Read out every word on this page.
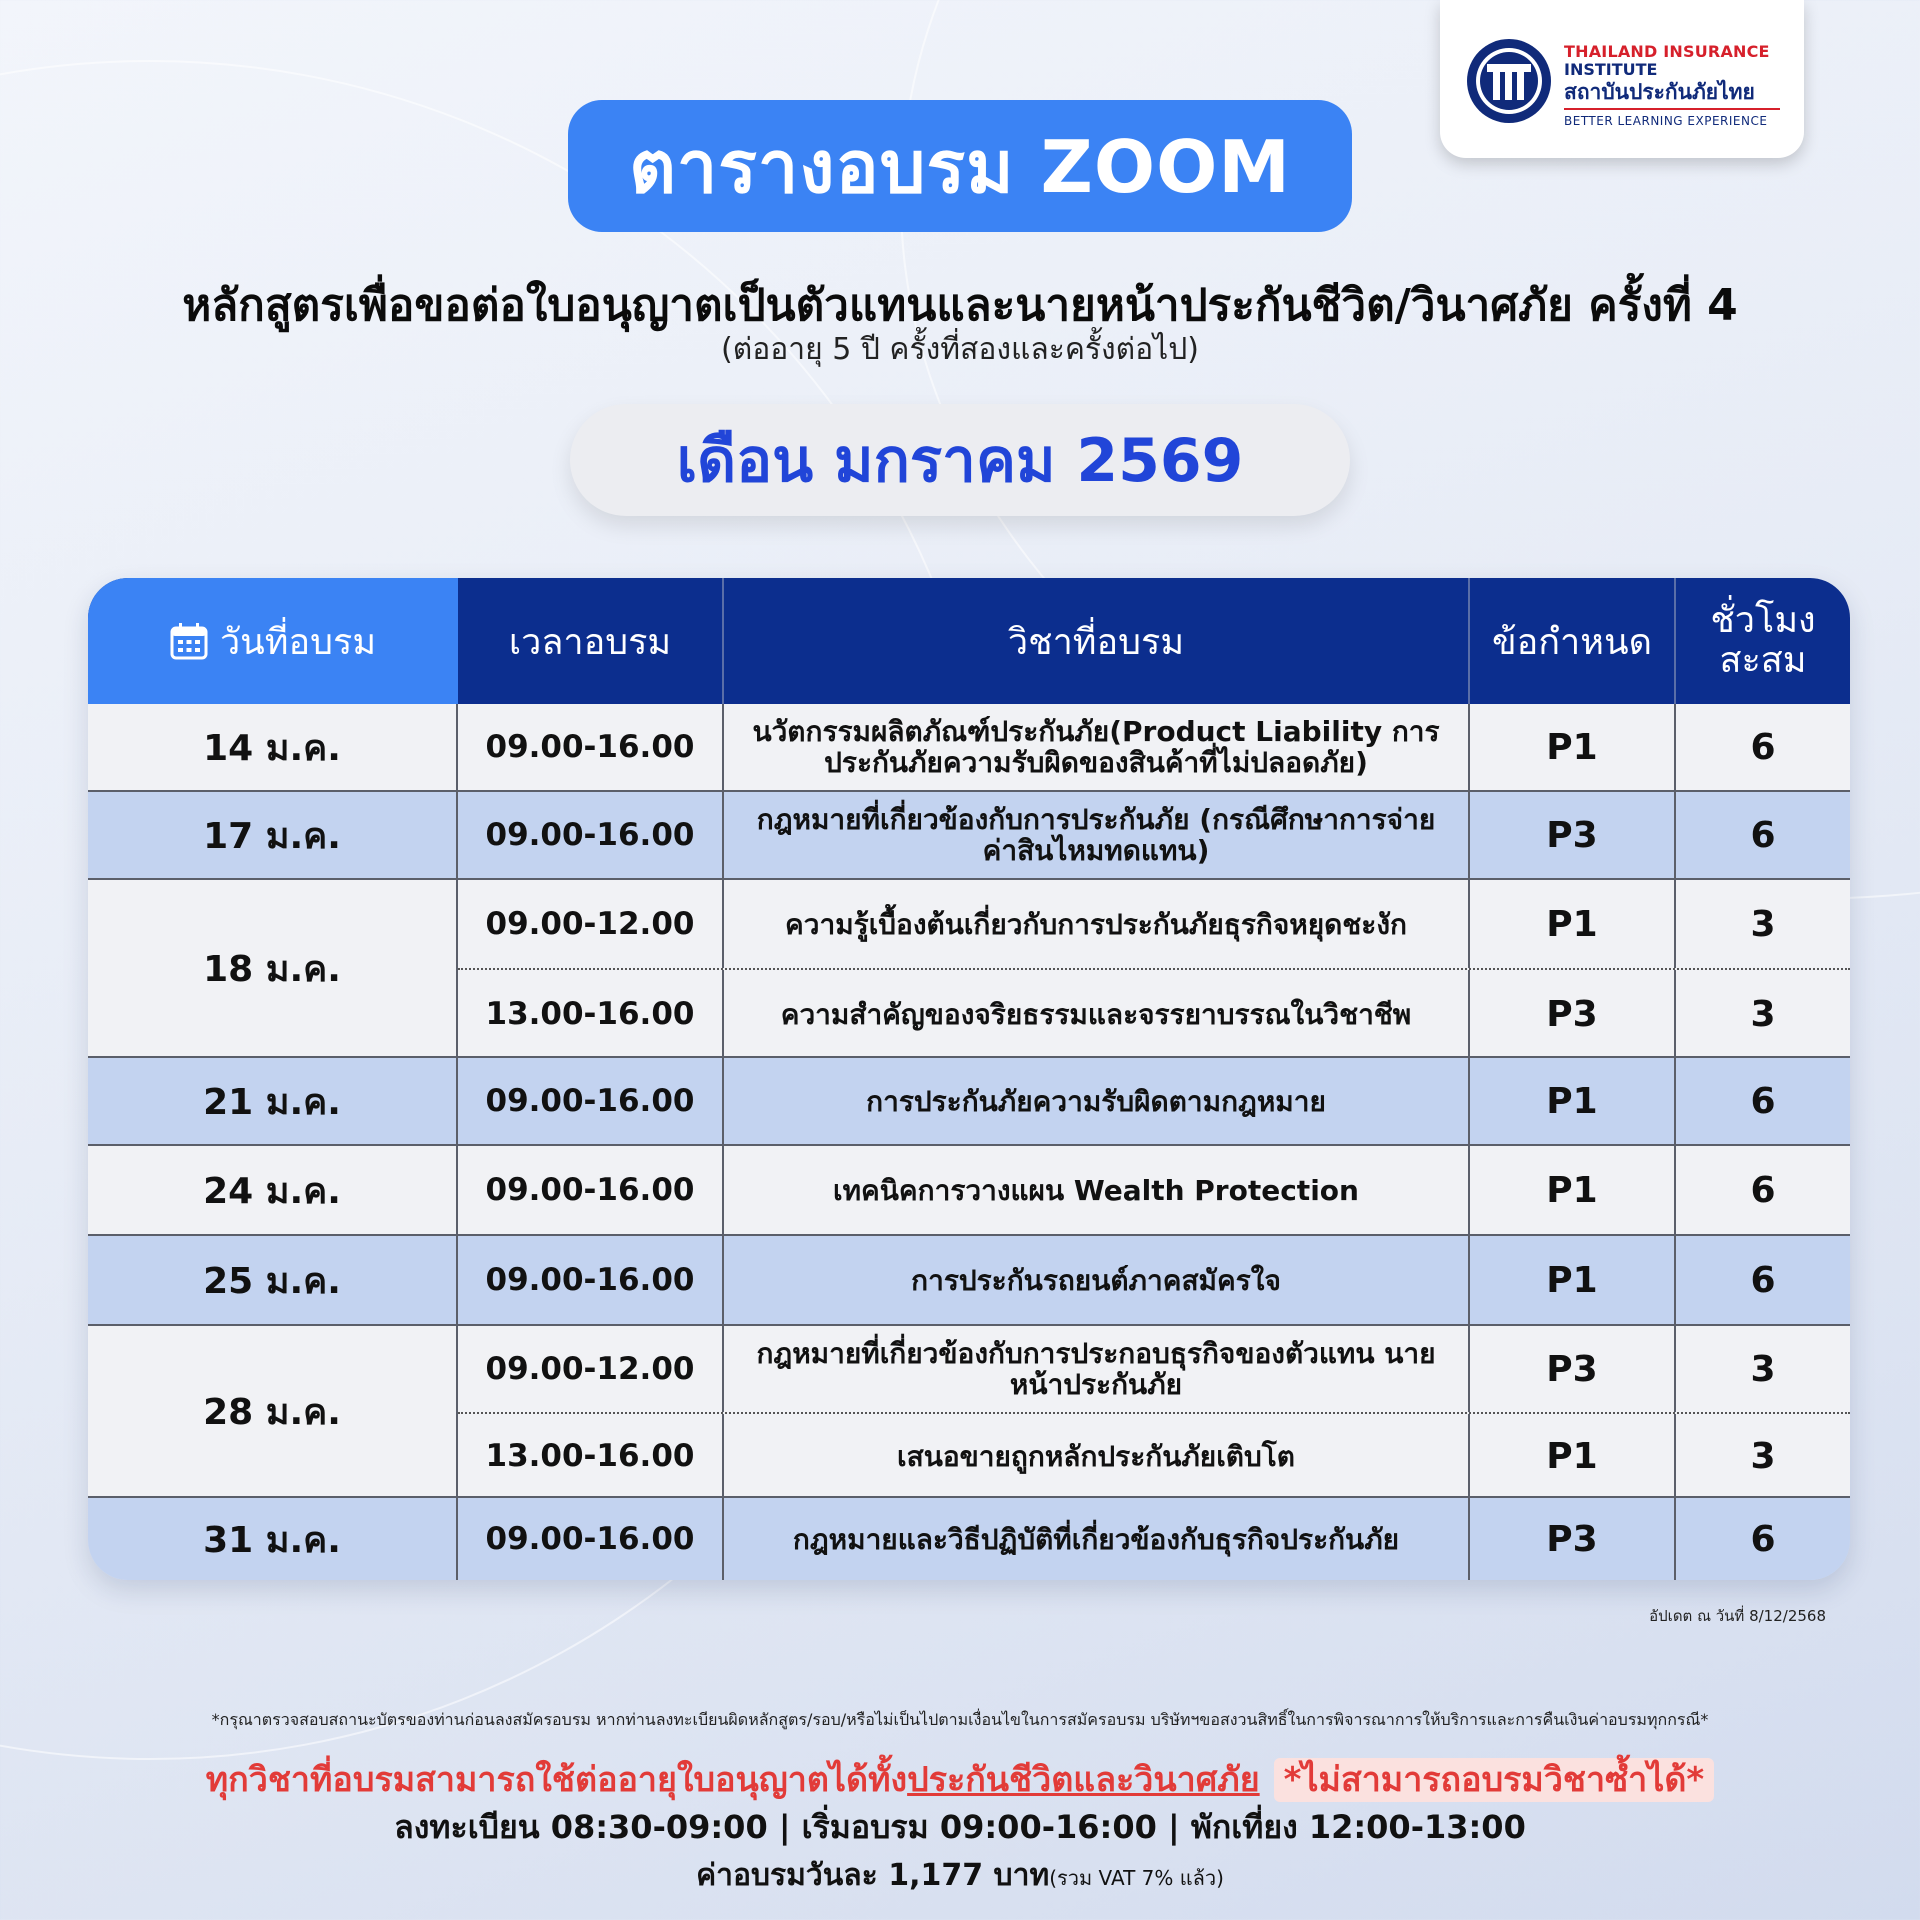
THAILAND INSURANCE
INSTITUTE
สถาบันประกันภัยไทย
BETTER LEARNING EXPERIENCE
ตารางอบรม ZOOM
หลักสูตรเพื่อขอต่อใบอนุญาตเป็นตัวแทนและนายหน้าประกันชีวิต/วินาศภัย ครั้งที่ 4
(ต่ออายุ 5 ปี ครั้งที่สองและครั้งต่อไป)
เดือน มกราคม 2569
วันที่อบรม	เวลาอบรม	วิชาที่อบรม	ข้อกำหนด
ชั่วโมง
สะสม
14 ม.ค.	09.00-16.00	นวัตกรรมผลิตภัณฑ์ประกันภัย(Product Liability การประกันภัยความรับผิดของสินค้าที่ไม่ปลอดภัย)	P1	6
17 ม.ค.	09.00-16.00	กฎหมายที่เกี่ยวข้องกับการประกันภัย (กรณีศึกษาการจ่ายค่าสินไหมทดแทน)	P3	6
18 ม.ค.
09.00-12.00	ความรู้เบื้องต้นเกี่ยวกับการประกันภัยธุรกิจหยุดชะงัก	P1	3
13.00-16.00	ความสำคัญของจริยธรรมและจรรยาบรรณในวิชาชีพ	P3	3
21 ม.ค.	09.00-16.00	การประกันภัยความรับผิดตามกฎหมาย	P1	6
24 ม.ค.	09.00-16.00	เทคนิคการวางแผน Wealth Protection	P1	6
25 ม.ค.	09.00-16.00	การประกันรถยนต์ภาคสมัครใจ	P1	6
28 ม.ค.
09.00-12.00	กฎหมายที่เกี่ยวข้องกับการประกอบธุรกิจของตัวแทน นายหน้าประกันภัย	P3	3
13.00-16.00	เสนอขายถูกหลักประกันภัยเติบโต	P1	3
31 ม.ค.	09.00-16.00	กฎหมายและวิธีปฏิบัติที่เกี่ยวข้องกับธุรกิจประกันภัย	P3	6
อัปเดต ณ วันที่ 8/12/2568
*กรุณาตรวจสอบสถานะบัตรของท่านก่อนลงสมัครอบรม หากท่านลงทะเบียนผิดหลักสูตร/รอบ/หรือไม่เป็นไปตามเงื่อนไขในการสมัครอบรม บริษัทฯขอสงวนสิทธิ์ในการพิจารณาการให้บริการและการคืนเงินค่าอบรมทุกกรณี*
ทุกวิชาที่อบรมสามารถใช้ต่ออายุใบอนุญาตได้ทั้งประกันชีวิตและวินาศภัย *ไม่สามารถอบรมวิชาซ้ำได้*
ลงทะเบียน 08:30-09:00 | เริ่มอบรม 09:00-16:00 | พักเที่ยง 12:00-13:00
ค่าอบรมวันละ 1,177 บาท(รวม VAT 7% แล้ว)
